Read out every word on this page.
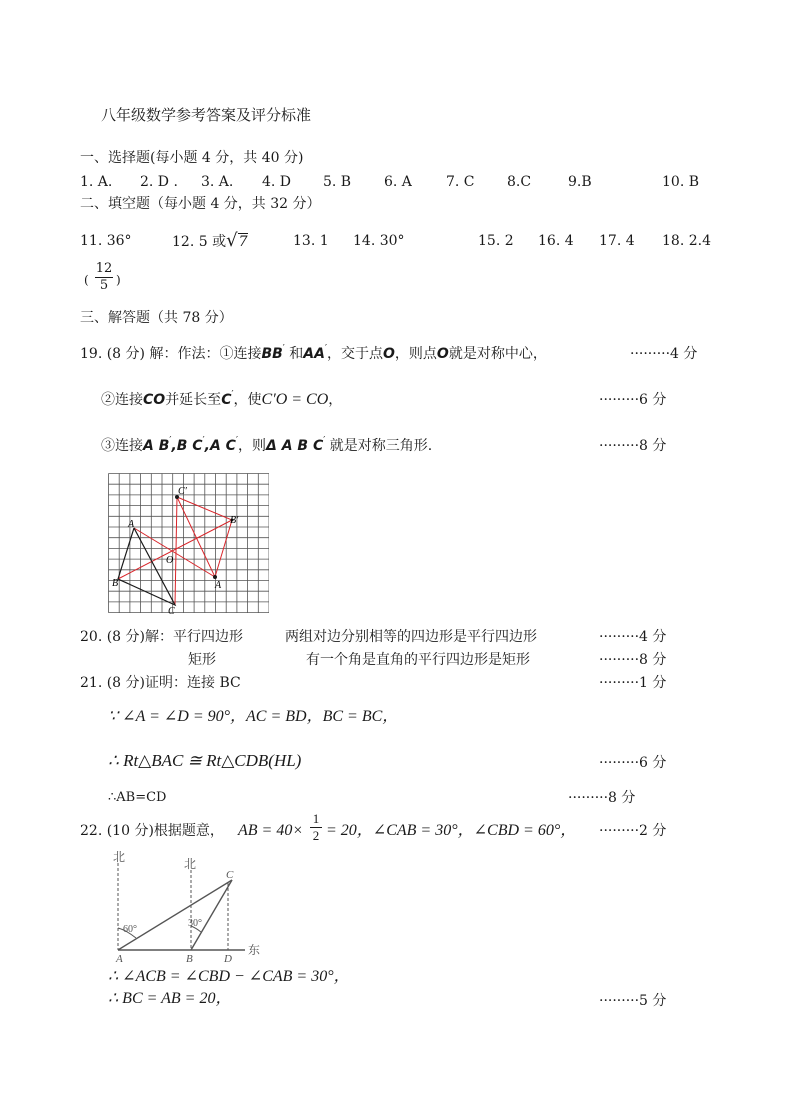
八年级数学参考答案及评分标准
一、选择题(每小题 4 分，共 40 分)
1. A. 2. D . 3. A. 4. D 5. B 6. A 7. C 8.C	9.B	10. B
二、填空题（每小题 4 分，共 32 分）
11. 36°	12. 5 或√7	13. 1 14. 30°	15. 2 16. 4 17. 4 18. 2.4
(
12
5 )
三、解答题（共 78 分）
19. (8 分) 解：作法：①连接BB′ 和AA′，交于点O，则点O就是对称中心，	·········4 分
②连接CO并延长至C′，使C′O = CO，	·········6 分
③连接A B′,B C′,A C′，则Δ A B C′ 就是对称三角形.	·········8 分
C′
B′
A
O
B	A
C
20. (8 分)解：平行四边形	两组对边分别相等的四边形是平行四边形	·········4 分
矩形	有一个角是直角的平行四边形是矩形	·········8 分
21. (8 分)证明：连接 BC	·········1 分
∵ ∠A = ∠D = 90°，AC = BD，BC = BC，
∴ Rt△BAC ≅ Rt△CDB(HL)	·········6 分
∴AB=CD	·········8 分
22. (10 分)根据题意， AB = 40×
1
2 = 20，∠CAB = 30°，∠CBD = 60°， ·········2 分
北	北
东
60°
30°
A	B
C
D
∴ ∠ACB = ∠CBD − ∠CAB = 30°，
∴ BC = AB = 20，	·········5 分
